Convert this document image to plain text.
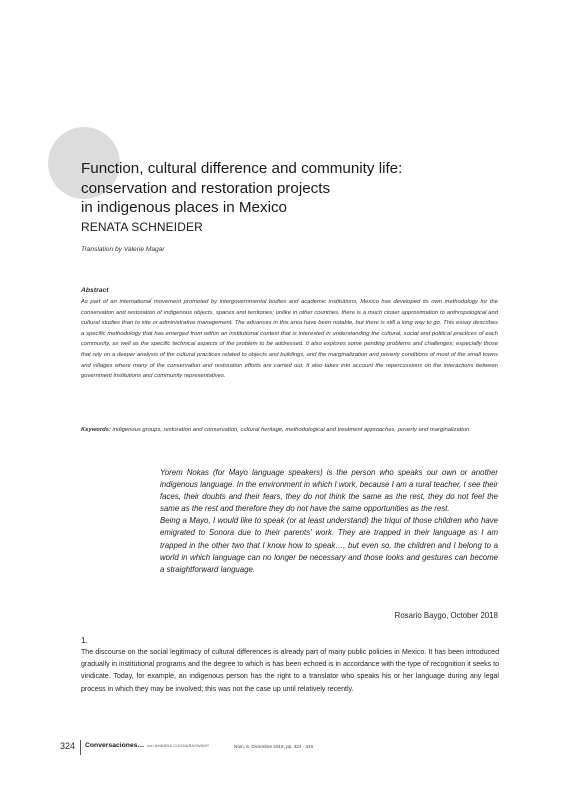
Function, cultural difference and community life:
conservation and restoration projects
in indigenous places in Mexico
RENATA SCHNEIDER
Translation by Valerie Magar
Abstract

As part of an international movement promoted by intergovernmental bodies and academic institutions, Mexico has developed its own methodology for the conservation and restoration of indigenous objects, spaces and territories; unlike in other countries, there is a much closer approximation to anthropological and cultural studies than to site or administrative management. The advances in this area have been notable, but there is still a long way to go. This essay describes a specific methodology that has emerged from within an institutional context that is interested in understanding the cultural, social and political practices of each community, as well as the specific technical aspects of the problem to be addressed. It also explores some pending problems and challenges; especially those that rely on a deeper analysis of the cultural practices related to objects and buildings, and the marginalization and poverty conditions of most of the small towns and villages where many of the conservation and restoration efforts are carried out. It also takes into account the repercussions on the interactions between government institutions and community representatives.

Keywords: indigenous groups, restoration and conservation, cultural heritage, methodological and treatment approaches, poverty and marginalization.

Yorem Nokas (for Mayo language speakers) is the person who speaks our own or another indigenous language. In the environment in which I work, because I am a rural teacher, I see their faces, their doubts and their fears, they do not think the same as the rest, they do not feel the same as the rest and therefore they do not have the same opportunities as the rest.

Being a Mayo, I would like to speak (or at least understand) the triqui of those children who have emigrated to Sonora due to their parents' work. They are trapped in their language as I am trapped in the other two that I know how to speak…, but even so, the children and I belong to a world in which language can no longer be necessary and those looks and gestures can become a straightforward language.

Rosario Baygo, October 2018
1.

The discourse on the social legitimacy of cultural differences is already part of many public policies in Mexico. It has been introduced gradually in institutional programs and the degree to which is has been echoed is in accordance with the type of recognition it seeks to vindicate. Today, for example, an indigenous person has the right to a translator who speaks his or her language during any legal process in which they may be involved; this was not the case up until relatively recently.

324 Conversaciones… con AMANDA COOMARASWAMY	Núm. 6, Diciembre 2018, pp. 324 - 346
